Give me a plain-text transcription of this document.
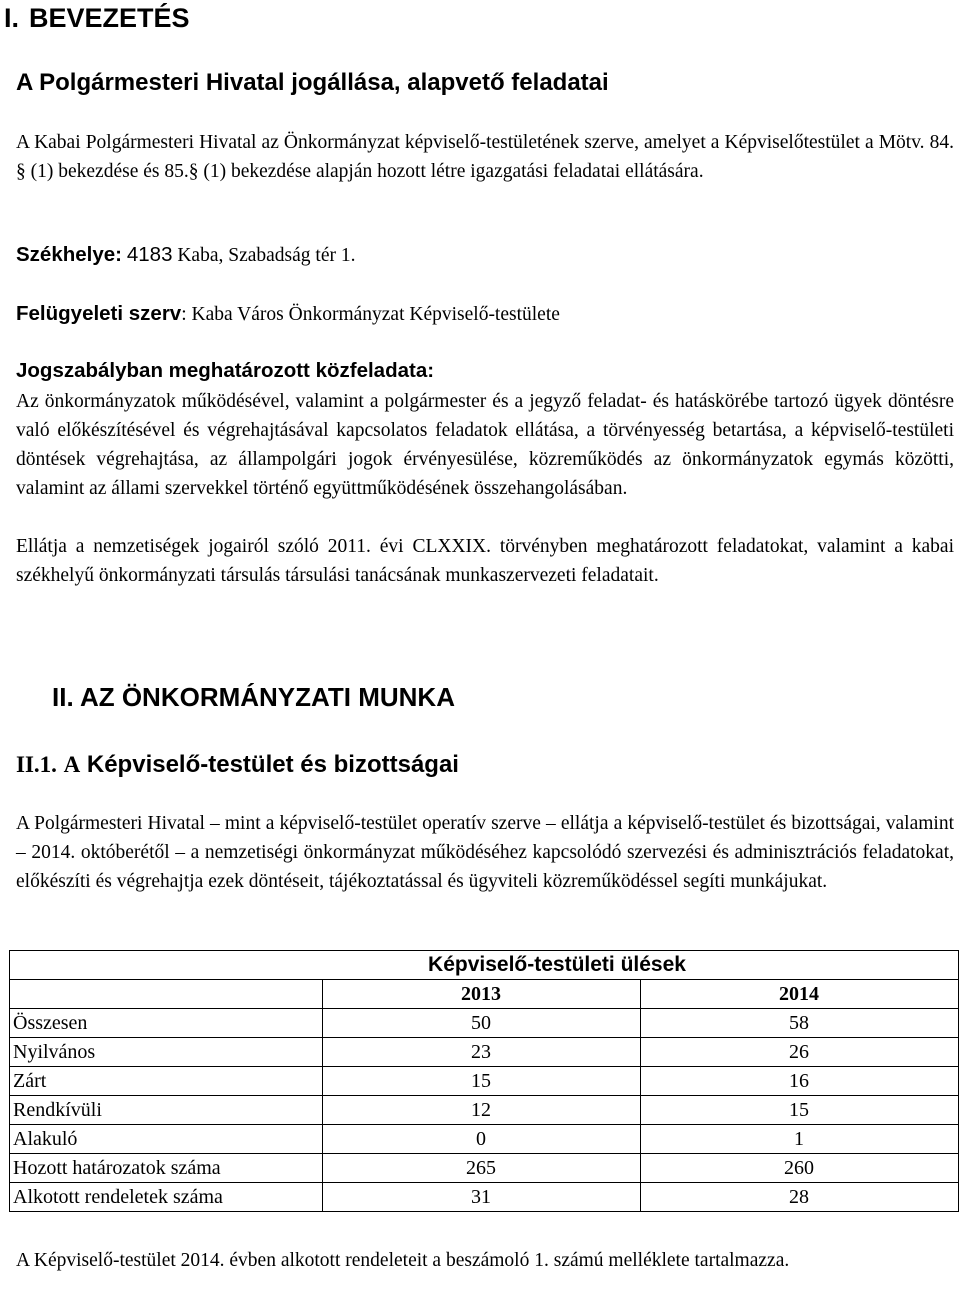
I. BEVEZETÉS
A Polgármesteri Hivatal jogállása, alapvető feladatai

A Kabai Polgármesteri Hivatal az Önkormányzat képviselő-testületének szerve, amelyet a Képviselőtestület a Mötv. 84. § (1) bekezdése és 85.§ (1) bekezdése alapján hozott létre igazgatási feladatai ellátására.

Székhelye: 4183 Kaba, Szabadság tér 1.

Felügyeleti szerv: Kaba Város Önkormányzat Képviselő-testülete

Jogszabályban meghatározott közfeladata:

Az önkormányzatok működésével, valamint a polgármester és a jegyző feladat- és hatáskörébe tartozó ügyek döntésre való előkészítésével és végrehajtásával kapcsolatos feladatok ellátása, a törvényesség betartása, a képviselő-testületi döntések végrehajtása, az állampolgári jogok érvényesülése, közreműködés az önkormányzatok egymás közötti, valamint az állami szervekkel történő együttműködésének összehangolásában.

Ellátja a nemzetiségek jogairól szóló 2011. évi CLXXIX. törvényben meghatározott feladatokat, valamint a kabai székhelyű önkormányzati társulás társulási tanácsának munkaszervezeti feladatait.

II. AZ ÖNKORMÁNYZATI MUNKA
II.1. A Képviselő-testület és bizottságai

A Polgármesteri Hivatal – mint a képviselő-testület operatív szerve – ellátja a képviselő-testület és bizottságai, valamint – 2014. októberétől – a nemzetiségi önkormányzat működéséhez kapcsolódó szervezési és adminisztrációs feladatokat, előkészíti és végrehajtja ezek döntéseit, tájékoztatással és ügyviteli közreműködéssel segíti munkájukat.

Képviselő-testületi ülések		
	2013	2014
Összesen	50	58
Nyilvános	23	26
Zárt	15	16
Rendkívüli	12	15
Alakuló	0	1
Hozott határozatok száma	265	260
Alkotott rendeletek száma	31	28

A Képviselő-testület 2014. évben alkotott rendeleteit a beszámoló 1. számú melléklete tartalmazza.
